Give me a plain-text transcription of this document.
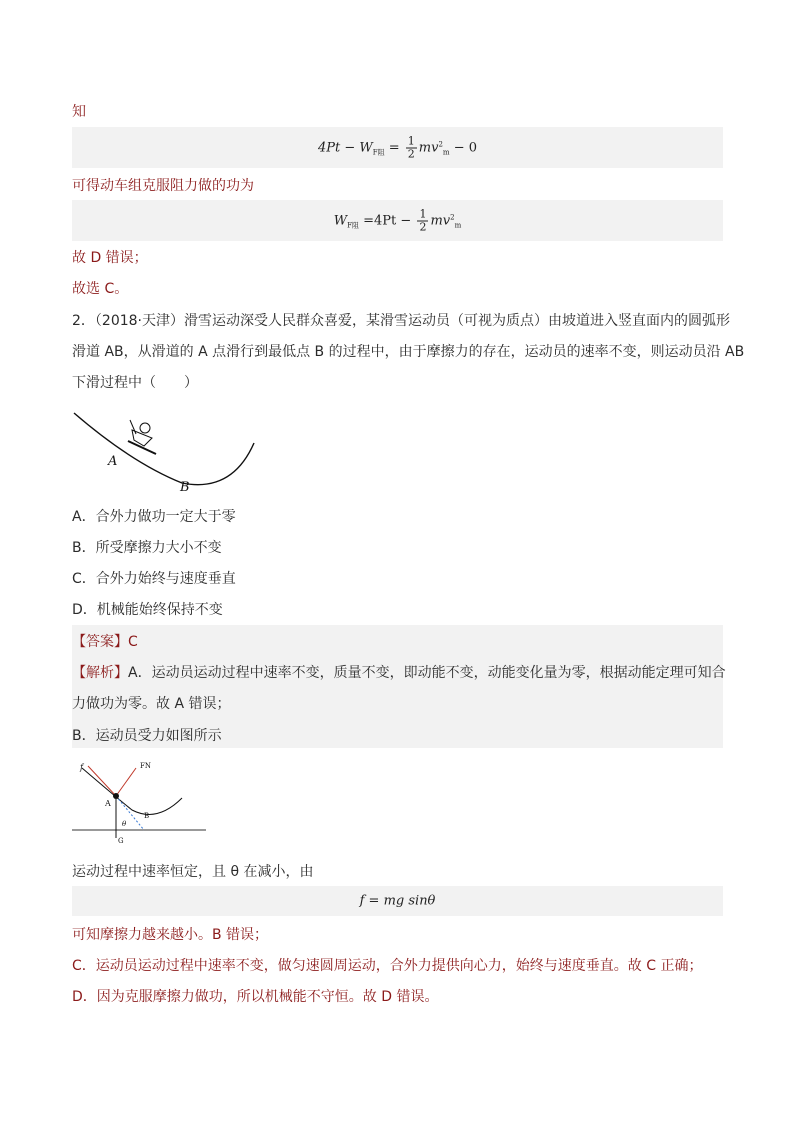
知
$4Pt - W_{F阻} = \frac{1}{2} mv^2_m - 0$
可得动车组克服阻力做的功为
$W_{F阻} =4Pt - \frac{1}{2} mv^2_m$
故 D 错误；
故选 C。
2．（2018·天津）滑雪运动深受人民群众喜爱，某滑雪运动员（可视为质点）由坡道进入竖直面内的圆弧形
滑道 AB，从滑道的 A 点滑行到最低点 B 的过程中，由于摩擦力的存在，运动员的速率不变，则运动员沿 AB
下滑过程中（　　）
A
B
A．合外力做功一定大于零
B．所受摩擦力大小不变
C．合外力始终与速度垂直
D．机械能始终保持不变
【答案】C
【解析】A．运动员运动过程中速率不变，质量不变，即动能不变，动能变化量为零，根据动能定理可知合
力做功为零。故 A 错误；
B．运动员受力如图所示
f	FN
A
B
G
θ
运动过程中速率恒定，且 θ 在减小，由
f = mg sinθ
可知摩擦力越来越小。B 错误；
C．运动员运动过程中速率不变，做匀速圆周运动，合外力提供向心力，始终与速度垂直。故 C 正确；
D．因为克服摩擦力做功，所以机械能不守恒。故 D 错误。
